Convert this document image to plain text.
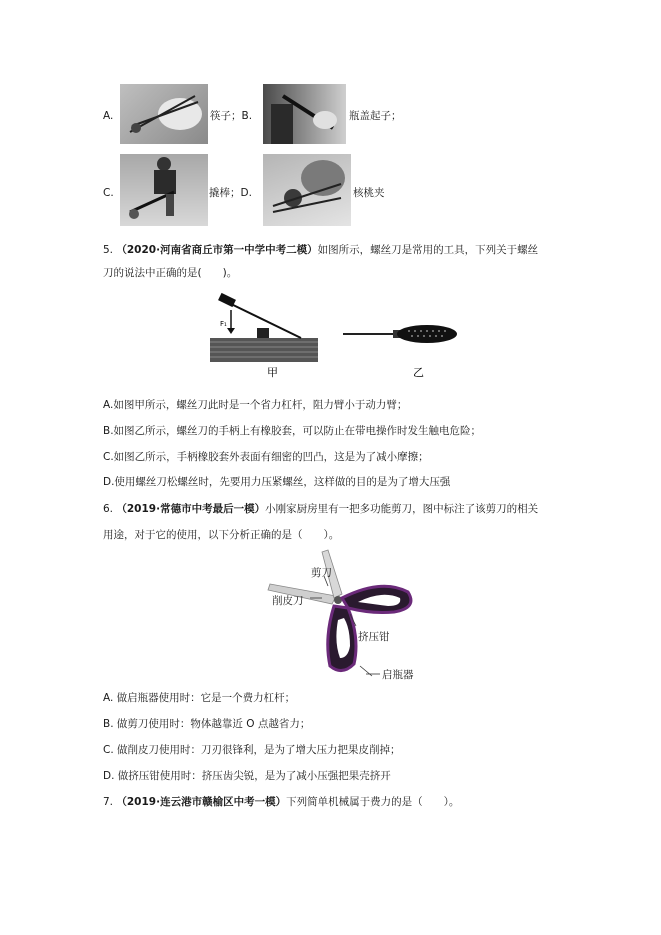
A.	筷子；B.	瓶盖起子；
C.	撬棒；D.	核桃夹
5. （2020·河南省商丘市第一中学中考二模）如图所示，螺丝刀是常用的工具，下列关于螺丝
刀的说法中正确的是(　　)。
F₁
甲	乙
A.如图甲所示，螺丝刀此时是一个省力杠杆，阻力臂小于动力臂；
B.如图乙所示，螺丝刀的手柄上有橡胶套，可以防止在带电操作时发生触电危险；
C.如图乙所示，手柄橡胶套外表面有细密的凹凸，这是为了减小摩擦；
D.使用螺丝刀松螺丝时，先要用力压紧螺丝，这样做的目的是为了增大压强
6. （2019·常德市中考最后一模）小刚家厨房里有一把多功能剪刀，图中标注了该剪刀的相关
用途，对于它的使用，以下分析正确的是（　　）。
剪刀
削皮刀
挤压钳
启瓶器
A. 做启瓶器使用时：它是一个费力杠杆；
B. 做剪刀使用时：物体越靠近 O 点越省力；
C. 做削皮刀使用时：刀刃很锋利，是为了增大压力把果皮削掉；
D. 做挤压钳使用时：挤压齿尖锐，是为了减小压强把果壳挤开
7. （2019·连云港市赣榆区中考一模）下列简单机械属于费力的是（　　）。
